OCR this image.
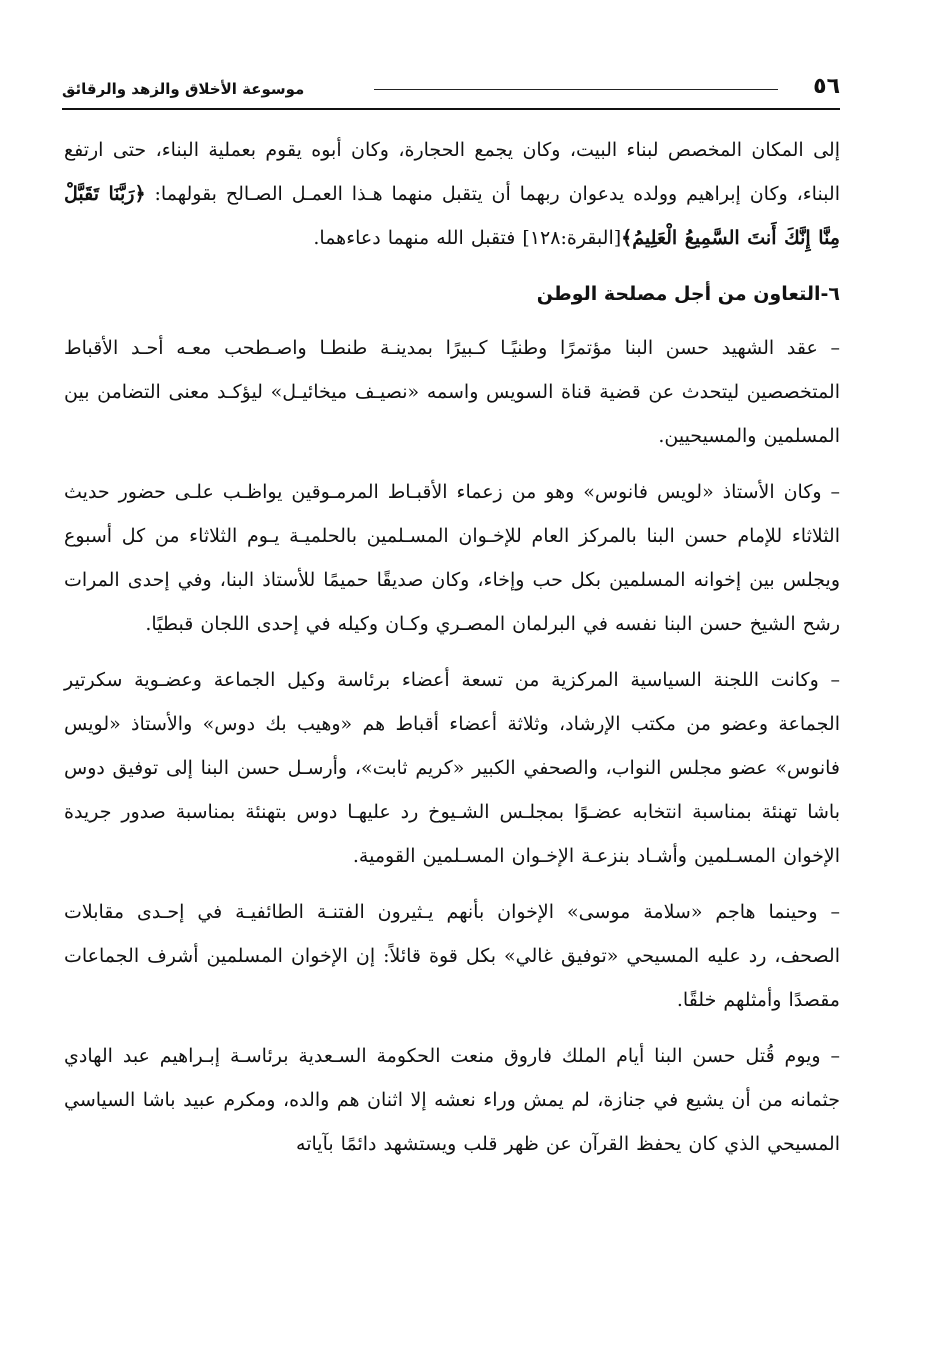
٥٦
موسوعة الأخلاق والزهد والرقائق

إلى المكان المخصص لبناء البيت، وكان يجمع الحجارة، وكان أبوه يقوم بعملية البناء، حتى ارتفع البناء، وكان إبراهيم وولده يدعوان ربهما أن يتقبل منهما هـذا العمـل الصـالح بقولهما: ﴿رَبَّنَا تَقَبَّلْ مِنَّا إِنَّكَ أَنتَ السَّمِيعُ الْعَلِيمُ﴾[البقرة:١٢٨] فتقبل الله منهما دعاءهما.

٦-التعاون من أجل مصلحة الوطن

– عقد الشهيد حسن البنا مؤتمرًا وطنيًـا كـبيرًا بمدينـة طنطـا واصـطحب معـه أحـد الأقباط المتخصصين ليتحدث عن قضية قناة السويس واسمه «نصيـف ميخائيـل» ليؤكـد معنى التضامن بين المسلمين والمسيحيين.

– وكان الأستاذ «لويس فانوس» وهو من زعماء الأقبـاط المرمـوقين يواظـب علـى حضور حديث الثلاثاء للإمام حسن البنا بالمركز العام للإخـوان المسـلمين بالحلميـة يـوم الثلاثاء من كل أسبوع ويجلس بين إخوانه المسلمين بكل حب وإخاء، وكان صديقًا حميمًا للأستاذ البنا، وفي إحدى المرات رشح الشيخ حسن البنا نفسه في البرلمان المصـري وكـان وكيله في إحدى اللجان قبطيًا.

– وكانت اللجنة السياسية المركزية من تسعة أعضاء برئاسة وكيل الجماعة وعضـوية سكرتير الجماعة وعضو من مكتب الإرشاد، وثلاثة أعضاء أقباط هم «وهيب بك دوس» والأستاذ «لويس فانوس» عضو مجلس النواب، والصحفي الكبير «كريم ثابت»، وأرسـل حسن البنا إلى توفيق دوس باشا تهنئة بمناسبة انتخابه عضـوًا بمجلـس الشـيوخ رد عليهـا دوس بتهنئة بمناسبة صدور جريدة الإخوان المسـلمين وأشـاد بنزعـة الإخـوان المسـلمين القومية.

– وحينما هاجم «سلامة موسى» الإخوان بأنهم يـثيرون الفتنـة الطائفيـة في إحـدى مقابلات الصحف، رد عليه المسيحي «توفيق غالي» بكل قوة قائلاً: إن الإخوان المسلمين أشرف الجماعات مقصدًا وأمثلهم خلقًا.

– ويوم قُتل حسن البنا أيام الملك فاروق منعت الحكومة السـعدية برئاسـة إبـراهيم عبد الهادي جثمانه من أن يشيع في جنازة، لم يمش وراء نعشه إلا اثنان هم والده، ومكرم عبيد باشا السياسي المسيحي الذي كان يحفظ القرآن عن ظهر قلب ويستشهد دائمًا بآياته
